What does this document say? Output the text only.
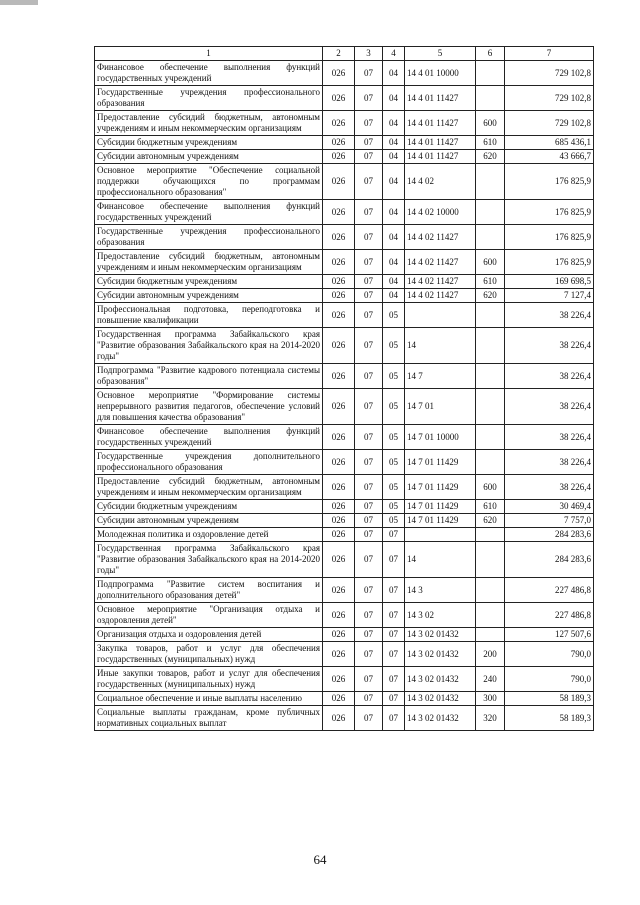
1	2	3	4	5	6	7
Финансовое обеспечение выполнения функций государственных учреждений	026	07	04	14 4 01 10000		729 102,8
Государственные учреждения профессионального образования	026	07	04	14 4 01 11427		729 102,8
Предоставление субсидий бюджетным, автономным учреждениям и иным некоммерческим организациям	026	07	04	14 4 01 11427	600	729 102,8
Субсидии бюджетным учреждениям	026	07	04	14 4 01 11427	610	685 436,1
Субсидии автономным учреждениям	026	07	04	14 4 01 11427	620	43 666,7
Основное мероприятие "Обеспечение социальной поддержки обучающихся по программам профессионального образования"	026	07	04	14 4 02		176 825,9
Финансовое обеспечение выполнения функций государственных учреждений	026	07	04	14 4 02 10000		176 825,9
Государственные учреждения профессионального образования	026	07	04	14 4 02 11427		176 825,9
Предоставление субсидий бюджетным, автономным учреждениям и иным некоммерческим организациям	026	07	04	14 4 02 11427	600	176 825,9
Субсидии бюджетным учреждениям	026	07	04	14 4 02 11427	610	169 698,5
Субсидии автономным учреждениям	026	07	04	14 4 02 11427	620	7 127,4
Профессиональная подготовка, переподготовка и повышение квалификации	026	07	05			38 226,4
Государственная программа Забайкальского края "Развитие образования Забайкальского края на 2014-2020 годы"	026	07	05	14		38 226,4
Подпрограмма "Развитие кадрового потенциала системы образования"	026	07	05	14 7		38 226,4
Основное мероприятие "Формирование системы непрерывного развития педагогов, обеспечение условий для повышения качества образования"	026	07	05	14 7 01		38 226,4
Финансовое обеспечение выполнения функций государственных учреждений	026	07	05	14 7 01 10000		38 226,4
Государственные учреждения дополнительного профессионального образования	026	07	05	14 7 01 11429		38 226,4
Предоставление субсидий бюджетным, автономным учреждениям и иным некоммерческим организациям	026	07	05	14 7 01 11429	600	38 226,4
Субсидии бюджетным учреждениям	026	07	05	14 7 01 11429	610	30 469,4
Субсидии автономным учреждениям	026	07	05	14 7 01 11429	620	7 757,0
Молодежная политика и оздоровление детей	026	07	07			284 283,6
Государственная программа Забайкальского края "Развитие образования Забайкальского края на 2014-2020 годы"	026	07	07	14		284 283,6
Подпрограмма "Развитие систем воспитания и дополнительного образования детей"	026	07	07	14 3		227 486,8
Основное мероприятие "Организация отдыха и оздоровления детей"	026	07	07	14 3 02		227 486,8
Организация отдыха и оздоровления детей	026	07	07	14 3 02 01432		127 507,6
Закупка товаров, работ и услуг для обеспечения государственных (муниципальных) нужд	026	07	07	14 3 02 01432	200	790,0
Иные закупки товаров, работ и услуг для обеспечения государственных (муниципальных) нужд	026	07	07	14 3 02 01432	240	790,0
Социальное обеспечение и иные выплаты населению	026	07	07	14 3 02 01432	300	58 189,3
Социальные выплаты гражданам, кроме публичных нормативных социальных выплат	026	07	07	14 3 02 01432	320	58 189,3
64
